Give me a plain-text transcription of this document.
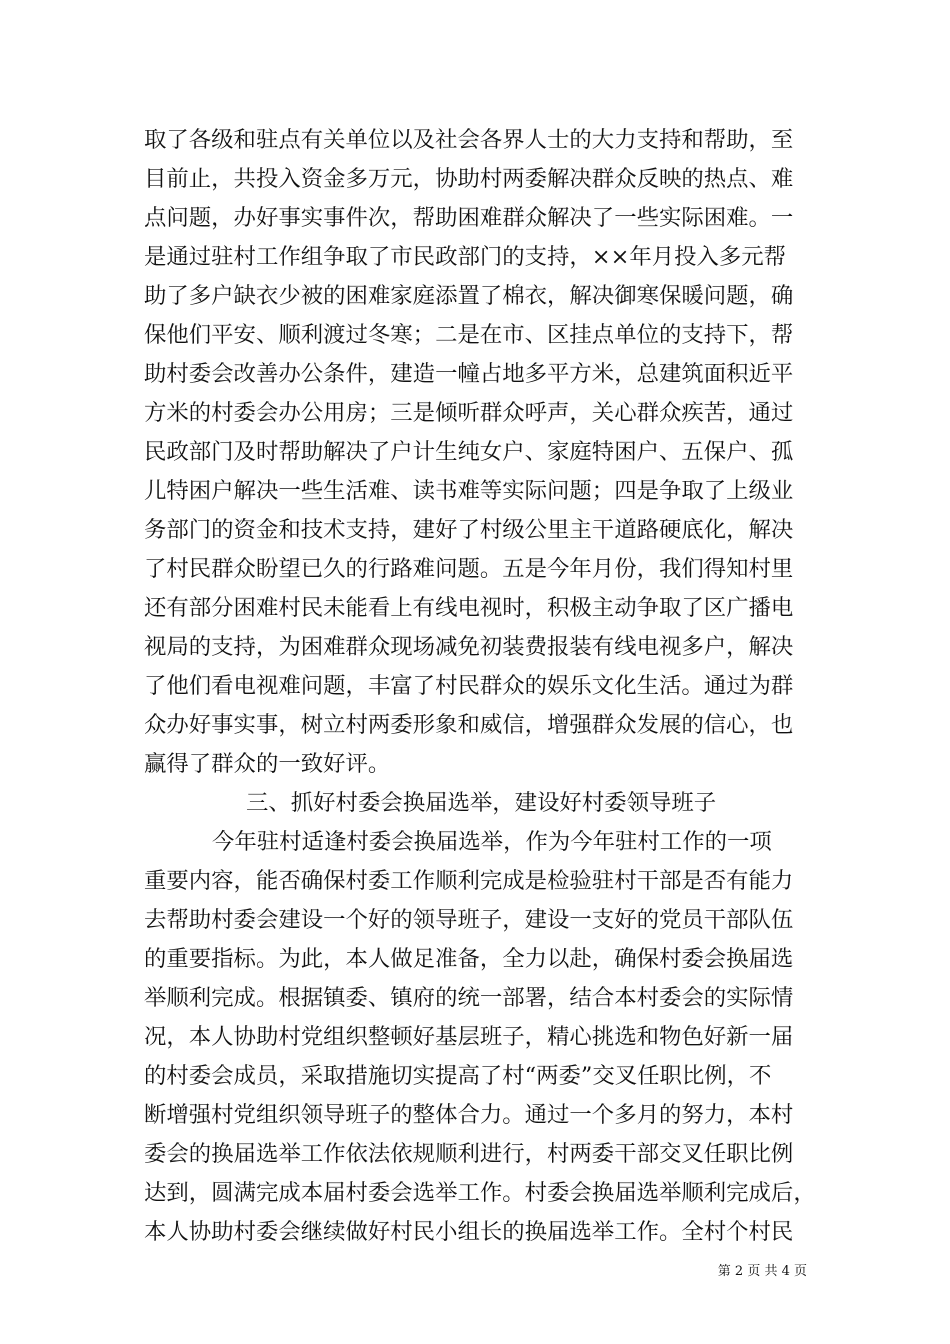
取了各级和驻点有关单位以及社会各界人士的大力支持和帮助，至
目前止，共投入资金多万元，协助村两委解决群众反映的热点、难
点问题，办好事实事件次，帮助困难群众解决了一些实际困难。一
是通过驻村工作组争取了市民政部门的支持，××年月投入多元帮
助了多户缺衣少被的困难家庭添置了棉衣，解决御寒保暖问题，确
保他们平安、顺利渡过冬寒；二是在市、区挂点单位的支持下，帮
助村委会改善办公条件，建造一幢占地多平方米，总建筑面积近平
方米的村委会办公用房；三是倾听群众呼声，关心群众疾苦，通过
民政部门及时帮助解决了户计生纯女户、家庭特困户、五保户、孤
儿特困户解决一些生活难、读书难等实际问题；四是争取了上级业
务部门的资金和技术支持，建好了村级公里主干道路硬底化，解决
了村民群众盼望已久的行路难问题。五是今年月份，我们得知村里
还有部分困难村民未能看上有线电视时，积极主动争取了区广播电
视局的支持，为困难群众现场减免初装费报装有线电视多户，解决
了他们看电视难问题，丰富了村民群众的娱乐文化生活。通过为群
众办好事实事，树立村两委形象和威信，增强群众发展的信心，也
赢得了群众的一致好评。
三、抓好村委会换届选举，建设好村委领导班子
今年驻村适逢村委会换届选举，作为今年驻村工作的一项
重要内容，能否确保村委工作顺利完成是检验驻村干部是否有能力
去帮助村委会建设一个好的领导班子，建设一支好的党员干部队伍
的重要指标。为此，本人做足准备，全力以赴，确保村委会换届选
举顺利完成。根据镇委、镇府的统一部署，结合本村委会的实际情
况，本人协助村党组织整顿好基层班子，精心挑选和物色好新一届
的村委会成员，采取措施切实提高了村“两委”交叉任职比例，不
断增强村党组织领导班子的整体合力。通过一个多月的努力，本村
委会的换届选举工作依法依规顺利进行，村两委干部交叉任职比例
达到，圆满完成本届村委会选举工作。村委会换届选举顺利完成后，
本人协助村委会继续做好村民小组长的换届选举工作。全村个村民
第 2 页 共 4 页
